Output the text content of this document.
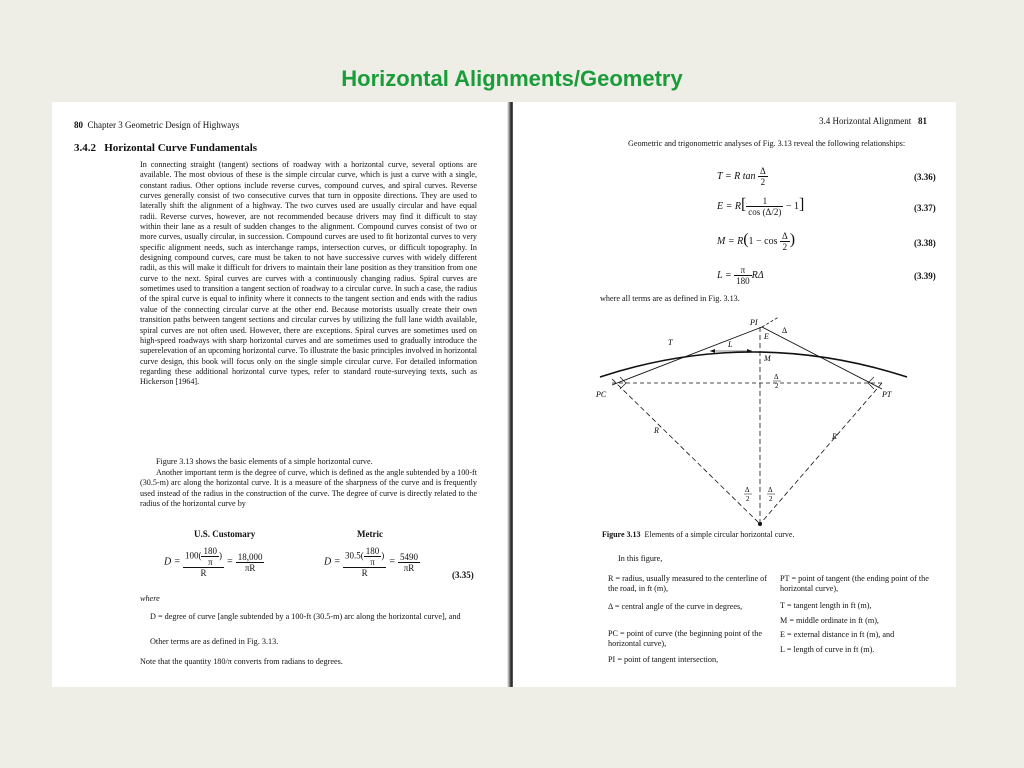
Horizontal Alignments/Geometry
80 Chapter 3 Geometric Design of Highways
3.4.2 Horizontal Curve Fundamentals
In connecting straight (tangent) sections of roadway with a horizontal curve, several options are available. The most obvious of these is the simple circular curve, which is just a curve with a single, constant radius. Other options include reverse curves, compound curves, and spiral curves. Reverse curves generally consist of two consecutive curves that turn in opposite directions. They are used to laterally shift the alignment of a highway. The two curves used are usually circular and have equal radii. Reverse curves, however, are not recommended because drivers may find it difficult to stay within their lane as a result of sudden changes to the alignment. Compound curves consist of two or more curves, usually circular, in succession. Compound curves are used to fit horizontal curves to very specific alignment needs, such as interchange ramps, intersection curves, or difficult topography. In designing compound curves, care must be taken to not have successive curves with widely different radii, as this will make it difficult for drivers to maintain their lane position as they transition from one curve to the next. Spiral curves are curves with a continuously changing radius. Spiral curves are sometimes used to transition a tangent section of roadway to a circular curve. In such a case, the radius of the spiral curve is equal to infinity where it connects to the tangent section and ends with the radius value of the connecting circular curve at the other end. Because motorists usually create their own transition paths between tangent sections and circular curves by utilizing the full lane width available, spiral curves are not often used. However, there are exceptions. Spiral curves are sometimes used on high-speed roadways with sharp horizontal curves and are sometimes used to gradually introduce the superelevation of an upcoming horizontal curve. To illustrate the basic principles involved in horizontal curve design, this book will focus only on the single simple circular curve. For detailed information regarding these additional horizontal curve types, refer to standard route-surveying texts, such as Hickerson [1964].
Figure 3.13 shows the basic elements of a simple horizontal curve.
Another important term is the degree of curve, which is defined as the angle subtended by a 100-ft (30.5-m) arc along the horizontal curve. It is a measure of the sharpness of the curve and is frequently used instead of the radius in the construction of the curve. The degree of curve is directly related to the radius of the horizontal curve by
U.S. Customary	Metric
$D = \frac{100( \frac{180}{\pi} )}{R} = \frac{18,000}{\pi R}$	$D = \frac{30.5( \frac{180}{\pi} )}{R} = \frac{5490}{\pi R}$
(3.35)
where
D = degree of curve [angle subtended by a 100-ft (30.5-m) arc along the horizontal curve], and
Other terms are as defined in Fig. 3.13.
Note that the quantity 180/π converts from radians to degrees.
3.4 Horizontal Alignment 81
Geometric and trigonometric analyses of Fig. 3.13 reveal the following relationships:
T = R $\tan \frac{\Delta}{2}$	(3.36)
$E = R[ \frac{1}{\cos (\Delta/2)} - 1]$	(3.37)
$M = R(1 - \cos \frac{\Delta}{2}$ )	(3.38)
$L = \frac{\pi}{180}$ RΔ	(3.39)
where all terms are as defined in Fig. 3.13.
PI
T
E
Δ
L
M
PC	PT
R
R
Δ
2
Δ
2
Δ
2
Figure 3.13 Elements of a simple circular horizontal curve.
In this figure,
R = radius, usually measured to the centerline of the road, in ft (m),
Δ = central angle of the curve in degrees,
PC = point of curve (the beginning point of the horizontal curve),
PI = point of tangent intersection,
PT = point of tangent (the ending point of the horizontal curve),
T = tangent length in ft (m),
M = middle ordinate in ft (m),
E = external distance in ft (m), and
L = length of curve in ft (m).
